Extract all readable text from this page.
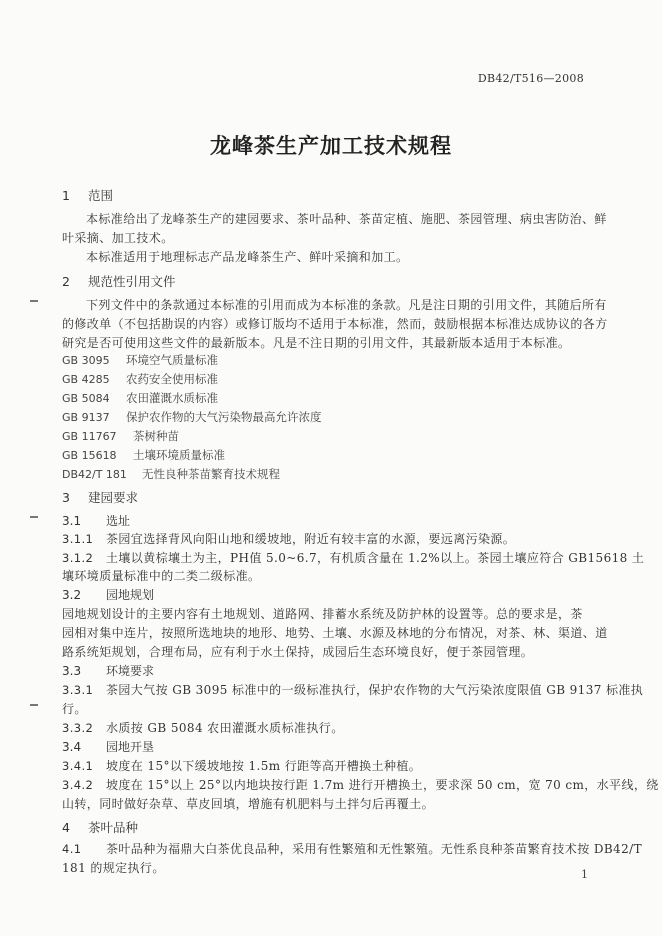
DB42/T516—2008
龙峰茶生产加工技术规程
1 范围
本标准给出了龙峰茶生产的建园要求、茶叶品种、茶苗定植、施肥、茶园管理、病虫害防治、鲜
叶采摘、加工技术。
本标准适用于地理标志产品龙峰茶生产、鲜叶采摘和加工。
2 规范性引用文件
下列文件中的条款通过本标准的引用而成为本标准的条款。凡是注日期的引用文件，其随后所有
的修改单（不包括勘误的内容）或修订版均不适用于本标准，然而，鼓励根据本标准达成协议的各方
研究是否可使用这些文件的最新版本。凡是不注日期的引用文件，其最新版本适用于本标准。
GB 3095 环境空气质量标准
GB 4285 农药安全使用标准
GB 5084 农田灌溉水质标准
GB 9137 保护农作物的大气污染物最高允许浓度
GB 11767 茶树种苗
GB 15618 土壤环境质量标准
DB42/T 181 无性良种茶苗繁育技术规程
3 建园要求
3.1 选址
3.1.1 茶园宜选择背风向阳山地和缓坡地，附近有较丰富的水源，要远离污染源。
3.1.2 土壤以黄棕壤土为主，PH值 5.0~6.7，有机质含量在 1.2%以上。茶园土壤应符合 GB15618 土
壤环境质量标准中的二类二级标准。
3.2 园地规划
园地规划设计的主要内容有土地规划、道路网、排蓄水系统及防护林的设置等。总的要求是，茶
园相对集中连片，按照所选地块的地形、地势、土壤、水源及林地的分布情况，对茶、林、渠道、道
路系统矩规划，合理布局，应有利于水土保持，成园后生态环境良好，便于茶园管理。
3.3 环境要求
3.3.1 茶园大气按 GB 3095 标准中的一级标准执行，保护农作物的大气污染浓度限值 GB 9137 标准执
行。
3.3.2 水质按 GB 5084 农田灌溉水质标准执行。
3.4 园地开垦
3.4.1 坡度在 15°以下缓坡地按 1.5m 行距等高开槽换土种植。
3.4.2 坡度在 15°以上 25°以内地块按行距 1.7m 进行开槽换土，要求深 50 cm，宽 70 cm，水平线，绕
山转，同时做好杂草、草皮回填，增施有机肥料与土拌匀后再覆土。
4 茶叶品种
4.1 茶叶品种为福鼎大白茶优良品种，采用有性繁殖和无性繁殖。无性系良种茶苗繁育技术按 DB42/T
181 的规定执行。	1
